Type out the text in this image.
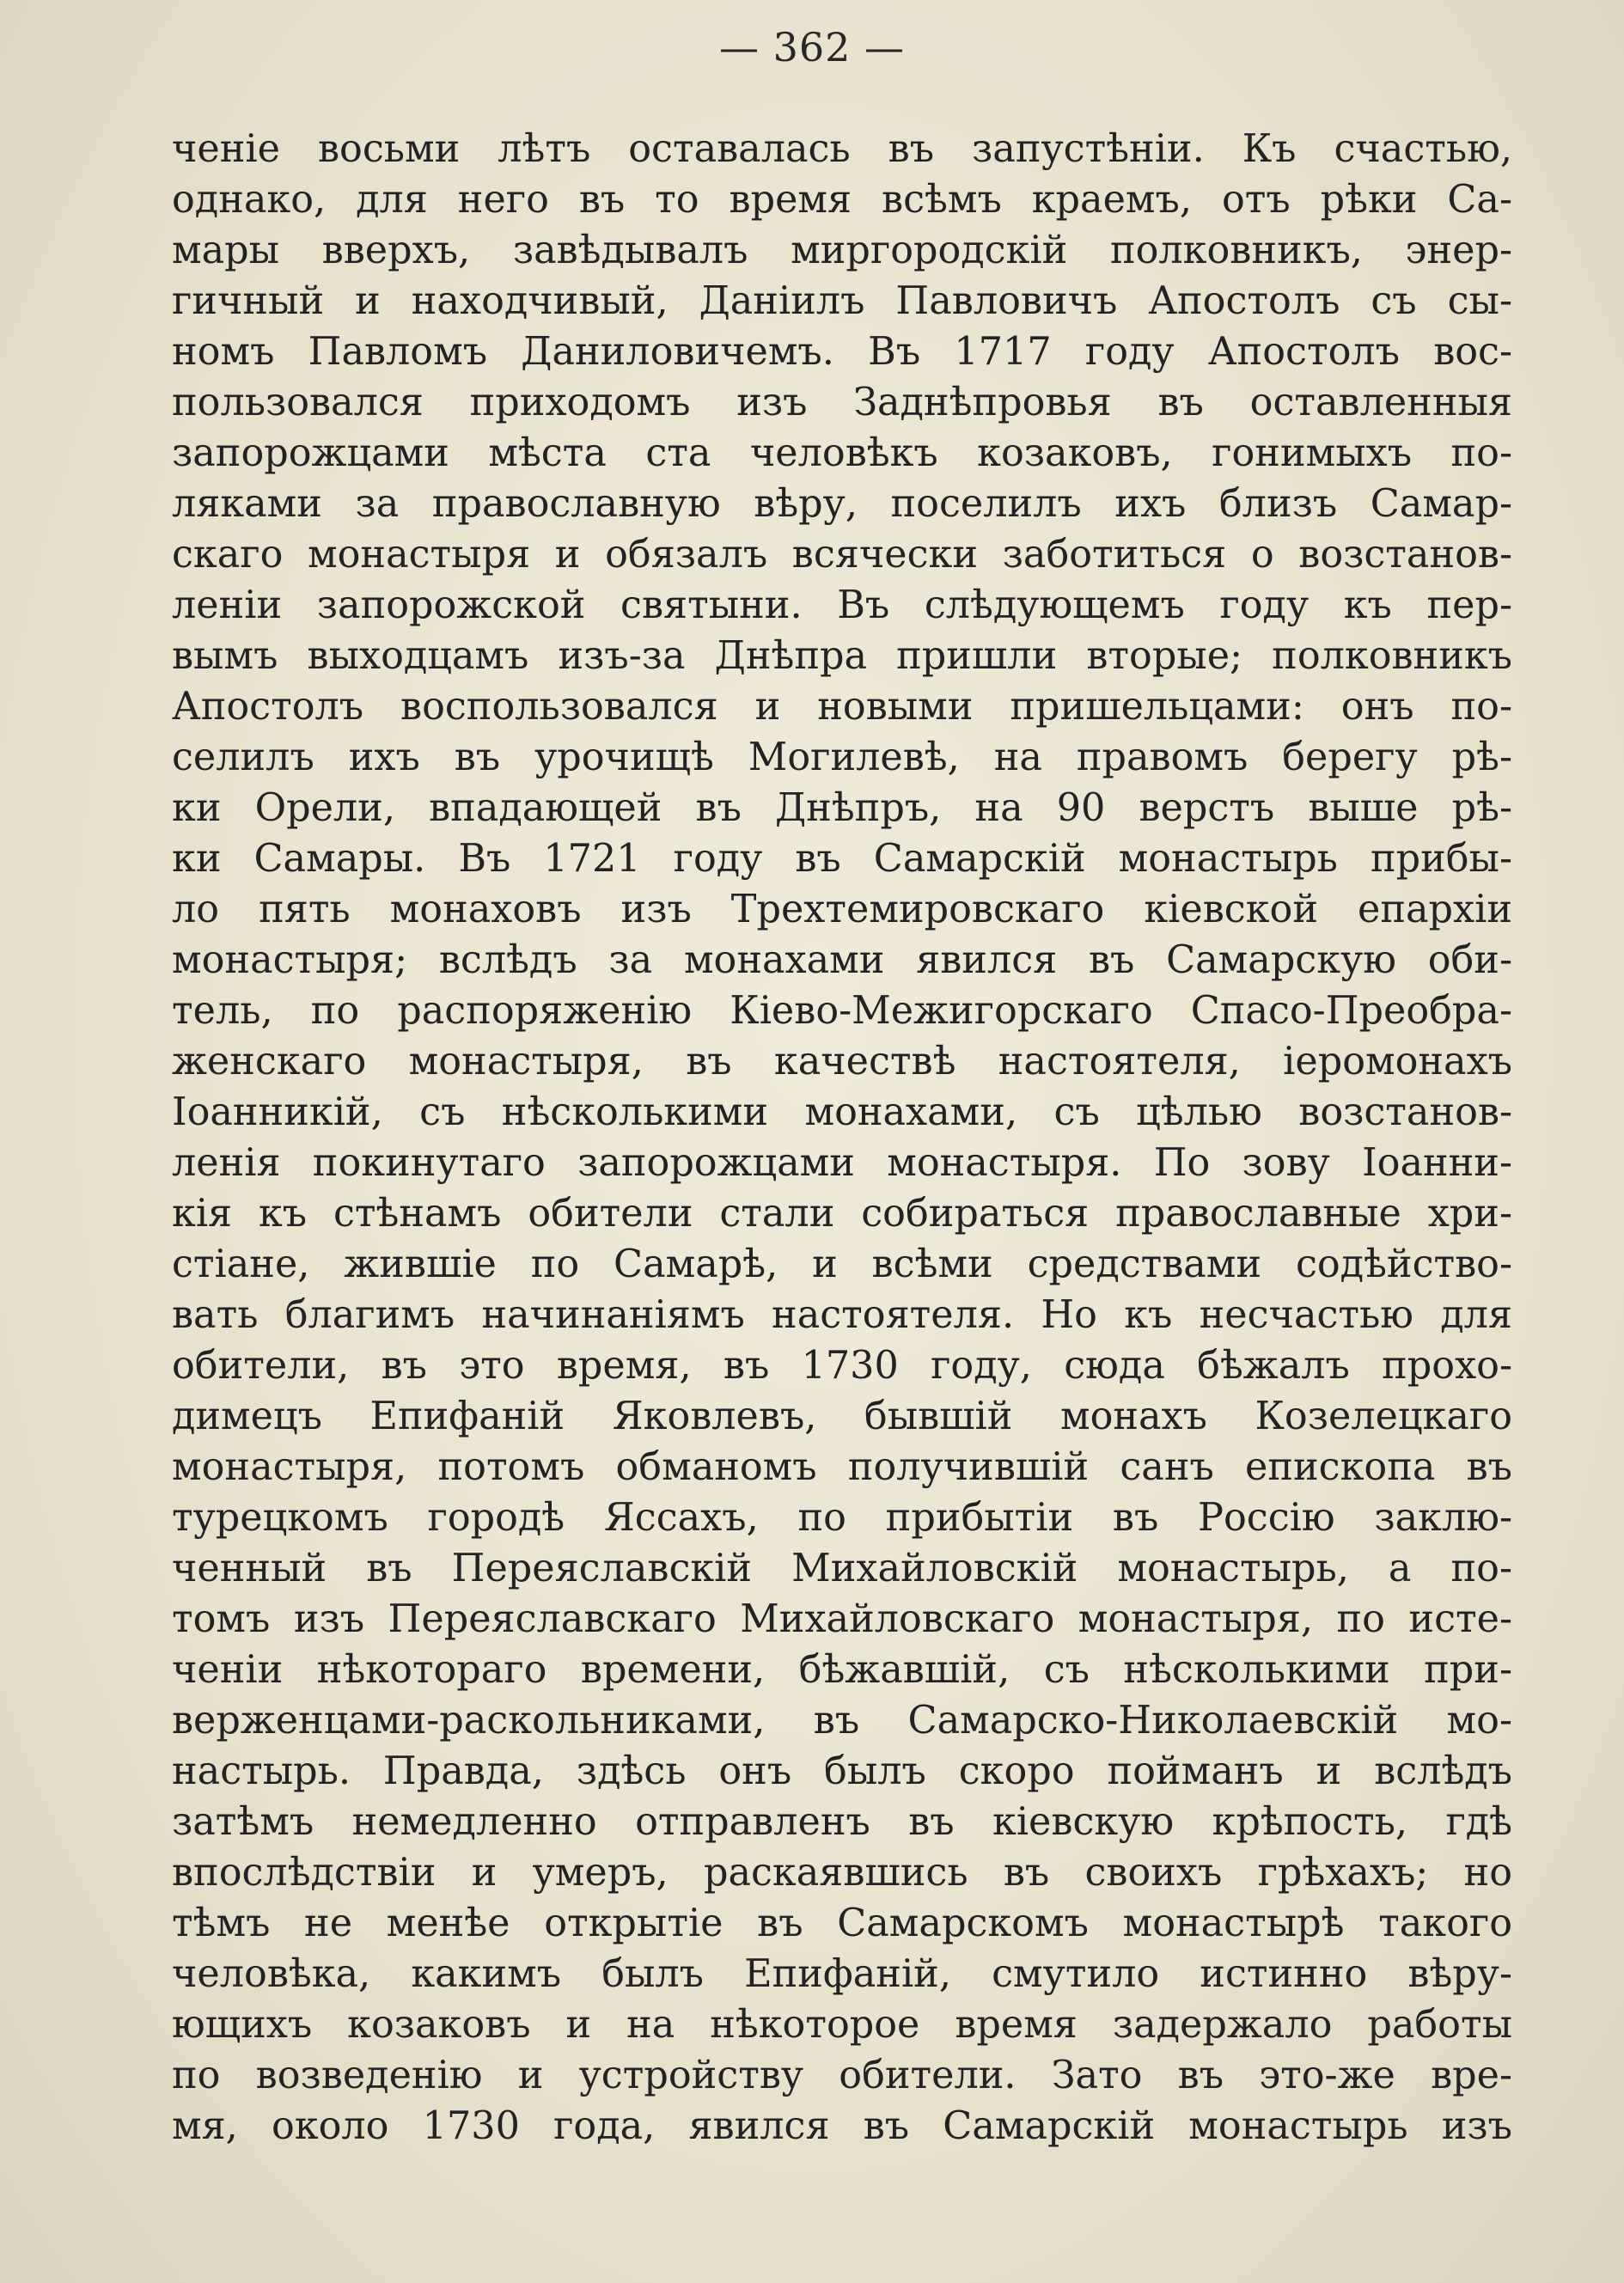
— 362 —
ченіе восьми лѣтъ оставалась въ запустѣніи. Къ счастью,
однако, для него въ то время всѣмъ краемъ, отъ рѣки Са-
мары вверхъ, завѣдывалъ миргородскій полковникъ, энер-
гичный и находчивый, Даніилъ Павловичъ Апостолъ съ сы-
номъ Павломъ Даниловичемъ. Въ 1717 году Апостолъ вос-
пользовался приходомъ изъ Заднѣпровья въ оставленныя
запорожцами мѣста ста человѣкъ козаковъ, гонимыхъ по-
ляками за православную вѣру, поселилъ ихъ близъ Самар-
скаго монастыря и обязалъ всячески заботиться о возстанов-
леніи запорожской святыни. Въ слѣдующемъ году къ пер-
вымъ выходцамъ изъ-за Днѣпра пришли вторые; полковникъ
Апостолъ воспользовался и новыми пришельцами: онъ по-
селилъ ихъ въ урочищѣ Могилевѣ, на правомъ берегу рѣ-
ки Орели, впадающей въ Днѣпръ, на 90 верстъ выше рѣ-
ки Самары. Въ 1721 году въ Самарскій монастырь прибы-
ло пять монаховъ изъ Трехтемировскаго кіевской епархіи
монастыря; вслѣдъ за монахами явился въ Самарскую оби-
тель, по распоряженію Кіево-Межигорскаго Спасо-Преобра-
женскаго монастыря, въ качествѣ настоятеля, іеромонахъ
Іоанникій, съ нѣсколькими монахами, съ цѣлью возстанов-
ленія покинутаго запорожцами монастыря. По зову Іоанни-
кія къ стѣнамъ обители стали собираться православные хри-
стіане, жившіе по Самарѣ, и всѣми средствами содѣйство-
вать благимъ начинаніямъ настоятеля. Но къ несчастью для
обители, въ это время, въ 1730 году, сюда бѣжалъ прохо-
димецъ Епифаній Яковлевъ, бывшій монахъ Козелецкаго
монастыря, потомъ обманомъ получившій санъ епископа въ
турецкомъ городѣ Яссахъ, по прибытіи въ Россію заклю-
ченный въ Переяславскій Михайловскій монастырь, а по-
томъ изъ Переяславскаго Михайловскаго монастыря, по исте-
ченіи нѣкотораго времени, бѣжавшій, съ нѣсколькими при-
верженцами-раскольниками, въ Самарско-Николаевскій мо-
настырь. Правда, здѣсь онъ былъ скоро пойманъ и вслѣдъ
затѣмъ немедленно отправленъ въ кіевскую крѣпость, гдѣ
впослѣдствіи и умеръ, раскаявшись въ своихъ грѣхахъ; но
тѣмъ не менѣе открытіе въ Самарскомъ монастырѣ такого
человѣка, какимъ былъ Епифаній, смутило истинно вѣру-
ющихъ козаковъ и на нѣкоторое время задержало работы
по возведенію и устройству обители. Зато въ это-же вре-
мя, около 1730 года, явился въ Самарскій монастырь изъ
